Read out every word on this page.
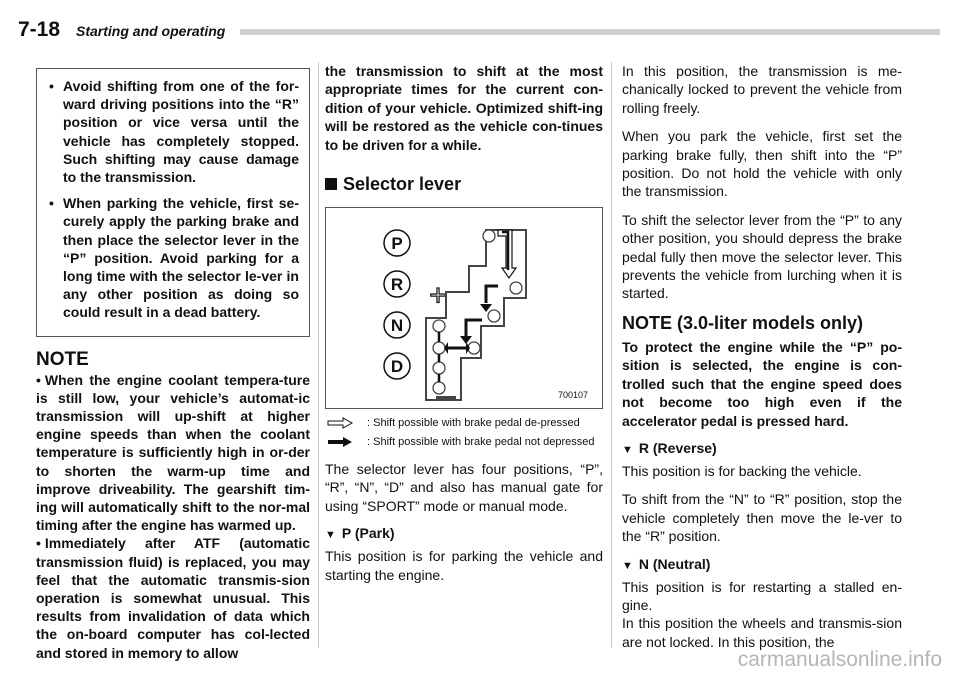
7-18 Starting and operating
• Avoid shifting from one of the for-ward driving positions into the “R” position or vice versa until the vehicle has completely stopped. Such shifting may cause damage to the transmission.
• When parking the vehicle, first se-curely apply the parking brake and then place the selector lever in the “P” position. Avoid parking for a long time with the selector le-ver in any other position as doing so could result in a dead battery.
NOTE

• When the engine coolant tempera-ture is still low, your vehicle’s automat-ic transmission will up-shift at higher engine speeds than when the coolant temperature is sufficiently high in or-der to shorten the warm-up time and improve driveability. The gearshift tim-ing will automatically shift to the nor-mal timing after the engine has warmed up.

• Immediately after ATF (automatic transmission fluid) is replaced, you may feel that the automatic transmis-sion operation is somewhat unusual. This results from invalidation of data which the on-board computer has col-lected and stored in memory to allow

the transmission to shift at the most appropriate times for the current con-dition of your vehicle. Optimized shift-ing will be restored as the vehicle con-tinues to be driven for a while.

Selector lever
P
R
N
D
+
700107
: Shift possible with brake pedal de-pressed
: Shift possible with brake pedal not depressed

The selector lever has four positions, “P”, “R”, “N”, “D” and also has manual gate for using “SPORT” mode or manual mode.

▼ P (Park)

This position is for parking the vehicle and starting the engine.

In this position, the transmission is me-chanically locked to prevent the vehicle from rolling freely.

When you park the vehicle, first set the parking brake fully, then shift into the “P” position. Do not hold the vehicle with only the transmission.

To shift the selector lever from the “P” to any other position, you should depress the brake pedal fully then move the selector lever. This prevents the vehicle from lurching when it is started.

NOTE (3.0-liter models only)

To protect the engine while the “P” po-sition is selected, the engine is con-trolled such that the engine speed does not become too high even if the accelerator pedal is pressed hard.

▼ R (Reverse)

This position is for backing the vehicle.

To shift from the “N” to “R” position, stop the vehicle completely then move the le-ver to the “R” position.

▼ N (Neutral)

This position is for restarting a stalled en-gine.

In this position the wheels and transmis-sion are not locked. In this position, the

carmanualsonline.info
